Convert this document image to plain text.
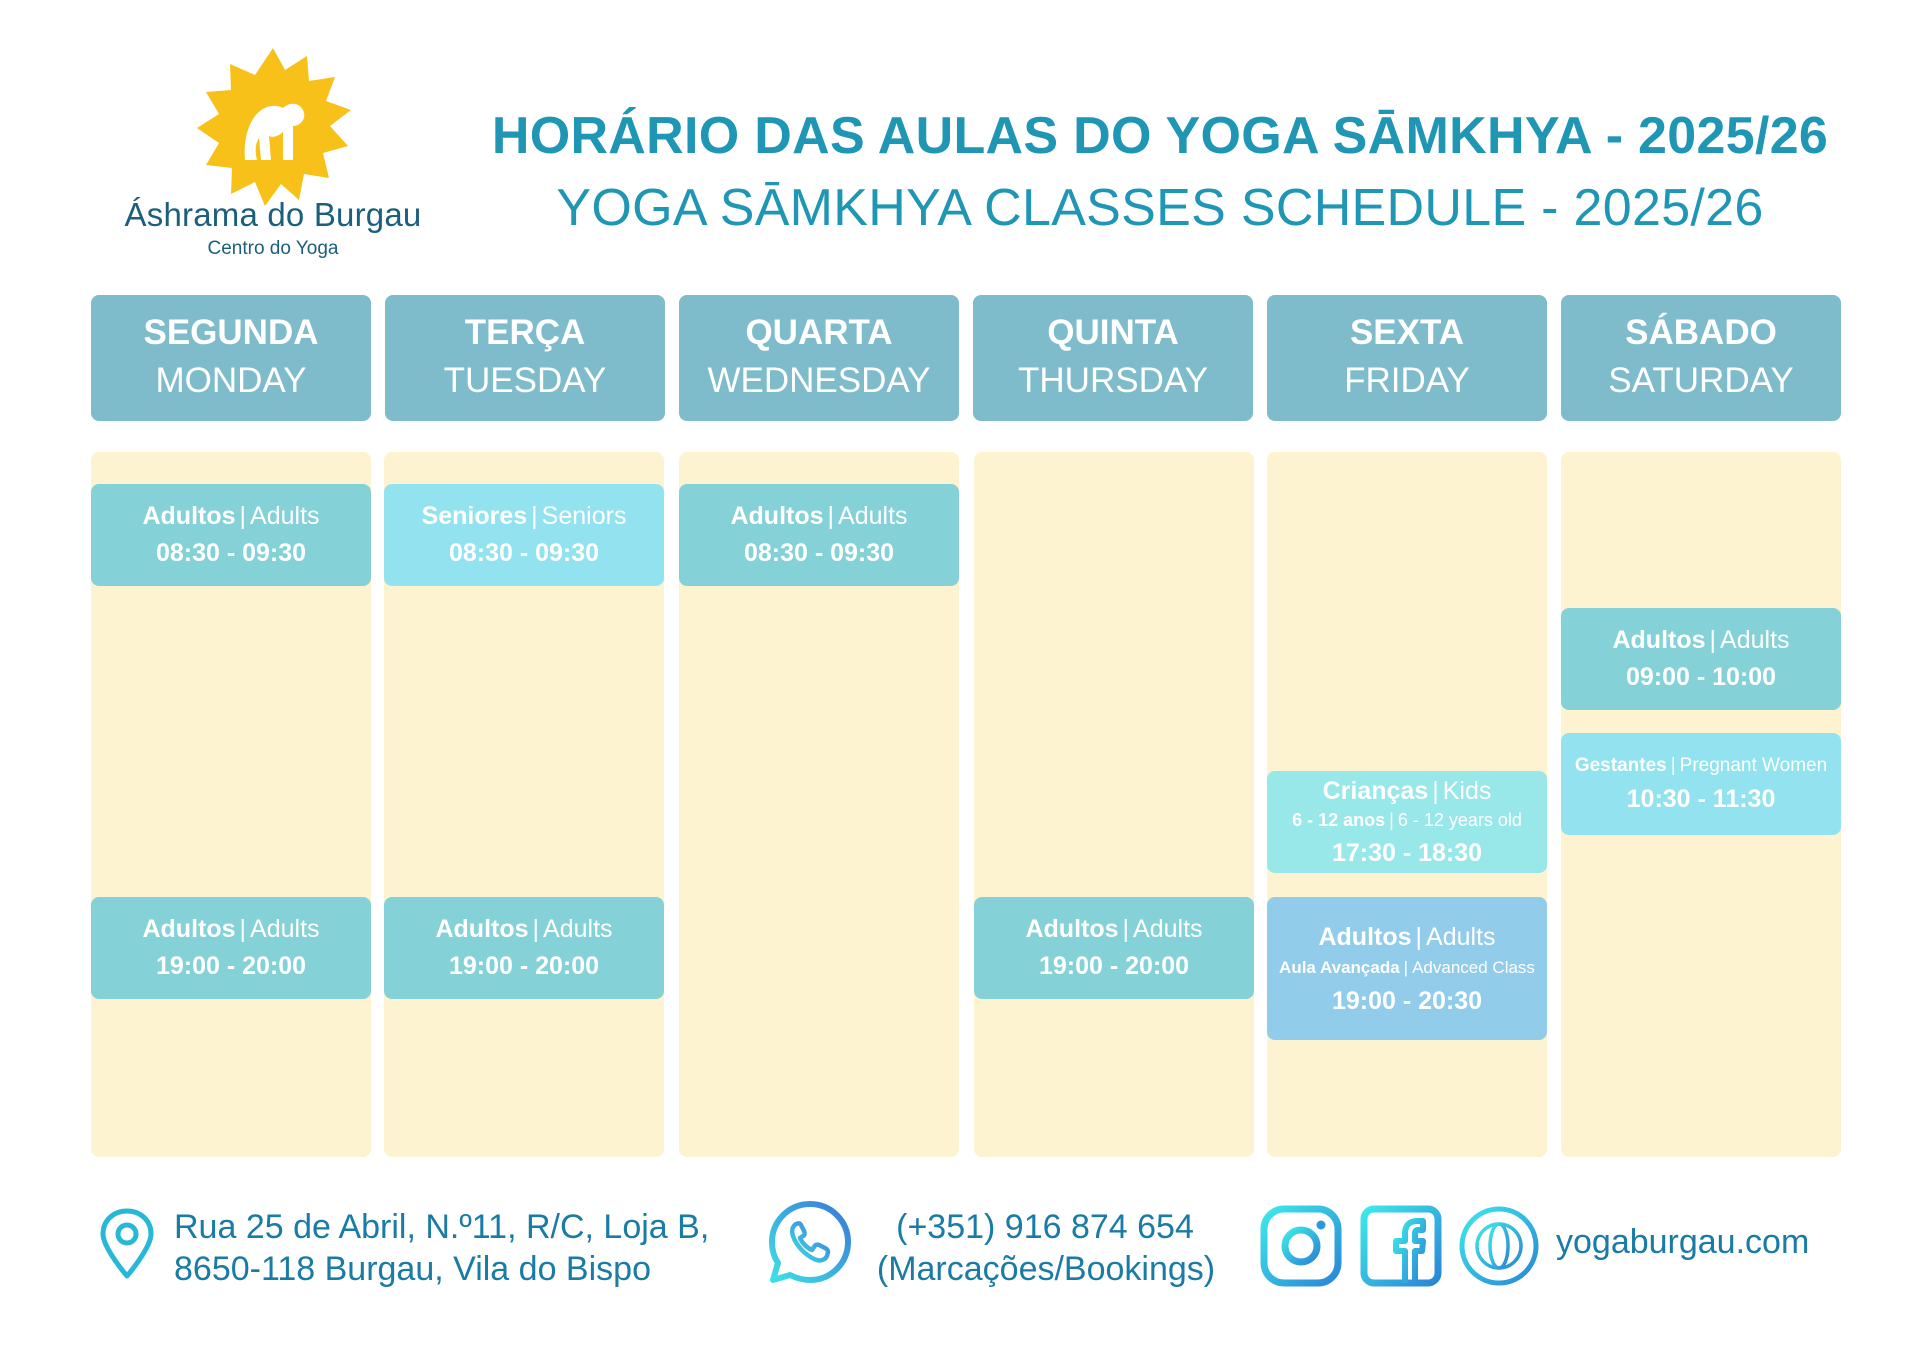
Áshrama do Burgau
Centro do Yoga
HORÁRIO DAS AULAS DO YOGA SĀMKHYA - 2025/26
YOGA SĀMKHYA CLASSES SCHEDULE - 2025/26
SEGUNDA
MONDAY
TERÇA
TUESDAY
QUARTA
WEDNESDAY
QUINTA
THURSDAY
SEXTA
FRIDAY
SÁBADO
SATURDAY
Adultos | Adults
08:30 - 09:30
Adultos | Adults
19:00 - 20:00
Seniores | Seniors
08:30 - 09:30
Adultos | Adults
19:00 - 20:00
Adultos | Adults
08:30 - 09:30
Adultos | Adults
19:00 - 20:00
Crianças | Kids
6 - 12 anos | 6 - 12 years old
17:30 - 18:30
Adultos | Adults
Aula Avançada | Advanced Class
19:00 - 20:30
Adultos | Adults
09:00 - 10:00
Gestantes | Pregnant Women
10:30 - 11:30
Rua 25 de Abril, N.º11, R/C, Loja B,
8650-118 Burgau, Vila do Bispo
(+351) 916 874 654
(Marcações/Bookings)
yogaburgau.com
